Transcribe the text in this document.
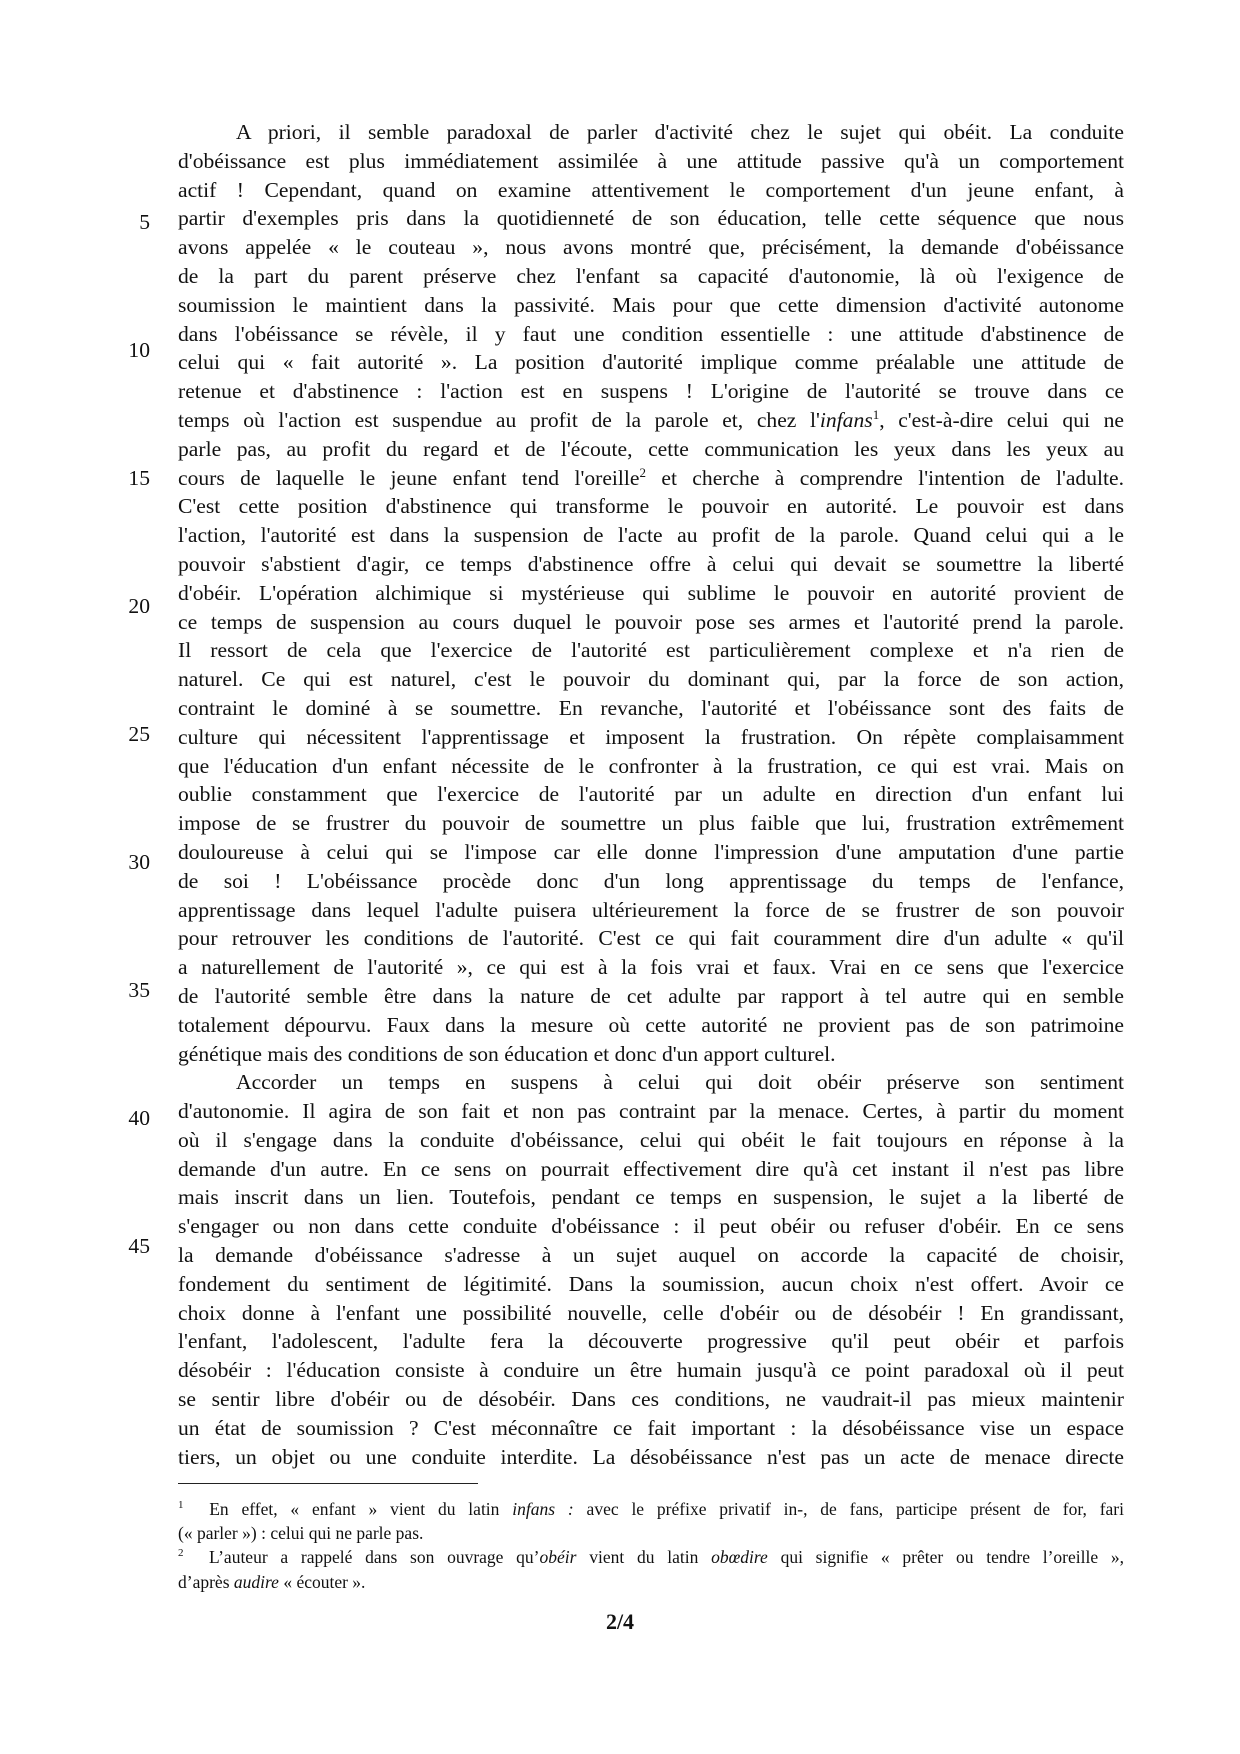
A priori, il semble paradoxal de parler d'activité chez le sujet qui obéit. La conduite
d'obéissance est plus immédiatement assimilée à une attitude passive qu'à un comportement
actif ! Cependant, quand on examine attentivement le comportement d'un jeune enfant, à
partir d'exemples pris dans la quotidienneté de son éducation, telle cette séquence que nous
avons appelée « le couteau », nous avons montré que, précisément, la demande d'obéissance
de la part du parent préserve chez l'enfant sa capacité d'autonomie, là où l'exigence de
soumission le maintient dans la passivité. Mais pour que cette dimension d'activité autonome
dans l'obéissance se révèle, il y faut une condition essentielle : une attitude d'abstinence de
celui qui « fait autorité ». La position d'autorité implique comme préalable une attitude de
retenue et d'abstinence : l'action est en suspens ! L'origine de l'autorité se trouve dans ce
temps où l'action est suspendue au profit de la parole et, chez l'infans$^1$, c'est-à-dire celui qui ne
parle pas, au profit du regard et de l'écoute, cette communication les yeux dans les yeux au
cours de laquelle le jeune enfant tend l'oreille$^2$ et cherche à comprendre l'intention de l'adulte.
C'est cette position d'abstinence qui transforme le pouvoir en autorité. Le pouvoir est dans
l'action, l'autorité est dans la suspension de l'acte au profit de la parole. Quand celui qui a le
pouvoir s'abstient d'agir, ce temps d'abstinence offre à celui qui devait se soumettre la liberté
d'obéir. L'opération alchimique si mystérieuse qui sublime le pouvoir en autorité provient de
ce temps de suspension au cours duquel le pouvoir pose ses armes et l'autorité prend la parole.
Il ressort de cela que l'exercice de l'autorité est particulièrement complexe et n'a rien de
naturel. Ce qui est naturel, c'est le pouvoir du dominant qui, par la force de son action,
contraint le dominé à se soumettre. En revanche, l'autorité et l'obéissance sont des faits de
culture qui nécessitent l'apprentissage et imposent la frustration. On répète complaisamment
que l'éducation d'un enfant nécessite de le confronter à la frustration, ce qui est vrai. Mais on
oublie constamment que l'exercice de l'autorité par un adulte en direction d'un enfant lui
impose de se frustrer du pouvoir de soumettre un plus faible que lui, frustration extrêmement
douloureuse à celui qui se l'impose car elle donne l'impression d'une amputation d'une partie
de soi ! L'obéissance procède donc d'un long apprentissage du temps de l'enfance,
apprentissage dans lequel l'adulte puisera ultérieurement la force de se frustrer de son pouvoir
pour retrouver les conditions de l'autorité. C'est ce qui fait couramment dire d'un adulte « qu'il
a naturellement de l'autorité », ce qui est à la fois vrai et faux. Vrai en ce sens que l'exercice
de l'autorité semble être dans la nature de cet adulte par rapport à tel autre qui en semble
totalement dépourvu. Faux dans la mesure où cette autorité ne provient pas de son patrimoine
génétique mais des conditions de son éducation et donc d'un apport culturel.
Accorder un temps en suspens à celui qui doit obéir préserve son sentiment
d'autonomie. Il agira de son fait et non pas contraint par la menace. Certes, à partir du moment
où il s'engage dans la conduite d'obéissance, celui qui obéit le fait toujours en réponse à la
demande d'un autre. En ce sens on pourrait effectivement dire qu'à cet instant il n'est pas libre
mais inscrit dans un lien. Toutefois, pendant ce temps en suspension, le sujet a la liberté de
s'engager ou non dans cette conduite d'obéissance : il peut obéir ou refuser d'obéir. En ce sens
la demande d'obéissance s'adresse à un sujet auquel on accorde la capacité de choisir,
fondement du sentiment de légitimité. Dans la soumission, aucun choix n'est offert. Avoir ce
choix donne à l'enfant une possibilité nouvelle, celle d'obéir ou de désobéir ! En grandissant,
l'enfant, l'adolescent, l'adulte fera la découverte progressive qu'il peut obéir et parfois
désobéir : l'éducation consiste à conduire un être humain jusqu'à ce point paradoxal où il peut
se sentir libre d'obéir ou de désobéir. Dans ces conditions, ne vaudrait-il pas mieux maintenir
un état de soumission ? C'est méconnaître ce fait important : la désobéissance vise un espace
tiers, un objet ou une conduite interdite. La désobéissance n'est pas un acte de menace directe
5
10
15
20
25
30
35
40
45
$^1$ En effet, « enfant » vient du latin infans : avec le préfixe privatif in-, de fans, participe présent de for, fari
(« parler ») : celui qui ne parle pas.
$^2$ L’auteur a rappelé dans son ouvrage qu’obéir vient du latin obœdire qui signifie « prêter ou tendre l’oreille »,
d’après audire « écouter ».
2/4
